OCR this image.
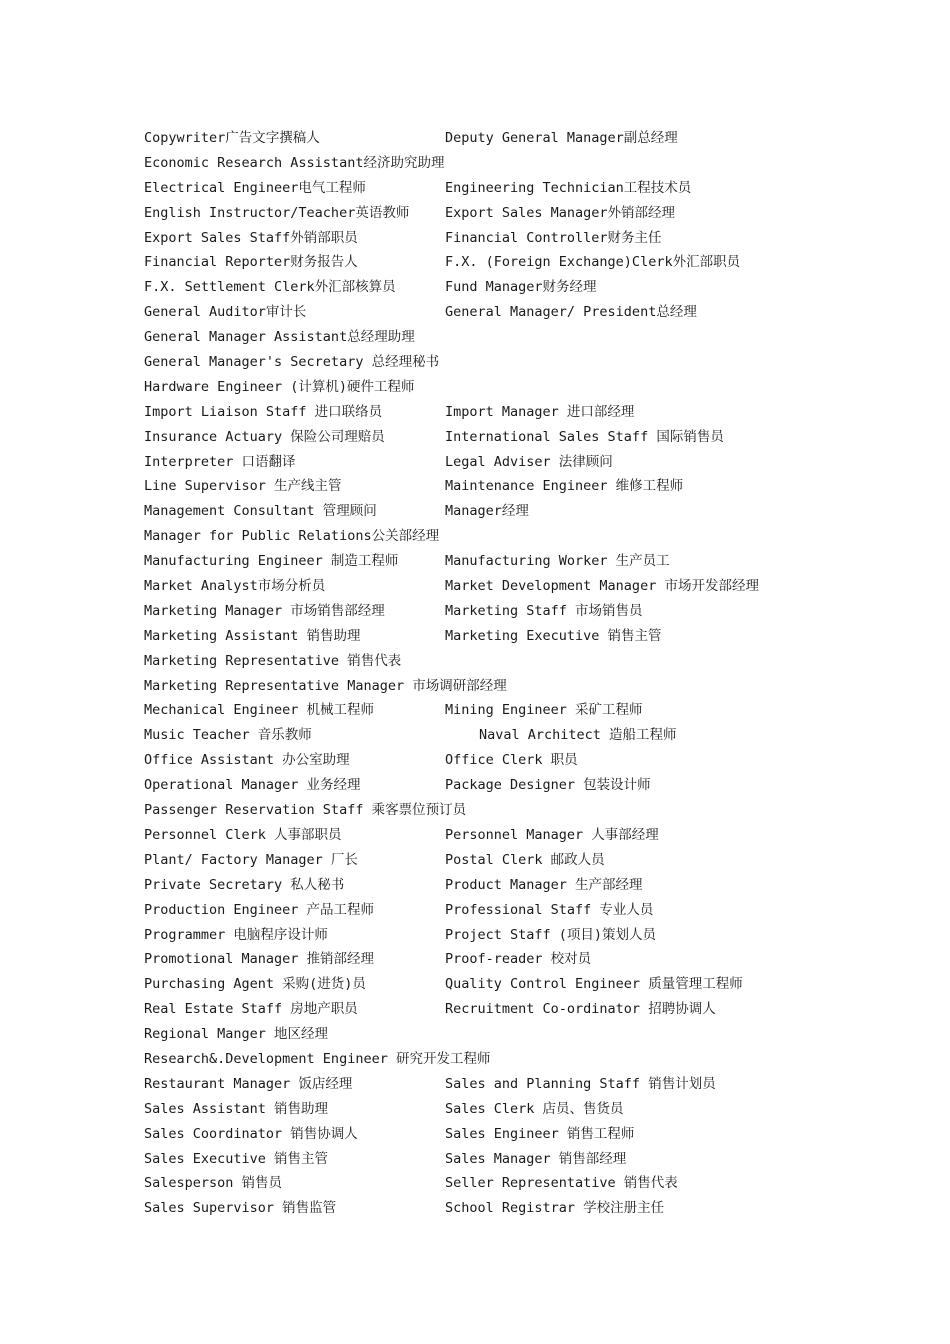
Copywriter广告文字撰稿人	Deputy General Manager副总经理
Economic Research Assistant经济助究助理
Electrical Engineer电气工程师	Engineering Technician工程技术员
English Instructor/Teacher英语教师	Export Sales Manager外销部经理
Export Sales Staff外销部职员	Financial Controller财务主任
Financial Reporter财务报告人	F.X. (Foreign Exchange)Clerk外汇部职员
F.X. Settlement Clerk外汇部核算员	Fund Manager财务经理
General Auditor审计长	General Manager/ President总经理
General Manager Assistant总经理助理
General Manager's Secretary 总经理秘书
Hardware Engineer (计算机)硬件工程师
Import Liaison Staff 进口联络员	Import Manager 进口部经理
Insurance Actuary 保险公司理赔员	International Sales Staff 国际销售员
Interpreter 口语翻译	Legal Adviser 法律顾问
Line Supervisor 生产线主管	Maintenance Engineer 维修工程师
Management Consultant 管理顾问	Manager经理
Manager for Public Relations公关部经理
Manufacturing Engineer 制造工程师	Manufacturing Worker 生产员工
Market Analyst市场分析员	Market Development Manager 市场开发部经理
Marketing Manager 市场销售部经理	Marketing Staff 市场销售员
Marketing Assistant 销售助理	Marketing Executive 销售主管
Marketing Representative 销售代表
Marketing Representative Manager 市场调研部经理
Mechanical Engineer 机械工程师	Mining Engineer 采矿工程师
Music Teacher 音乐教师	Naval Architect 造船工程师
Office Assistant 办公室助理	Office Clerk 职员
Operational Manager 业务经理	Package Designer 包装设计师
Passenger Reservation Staff 乘客票位预订员
Personnel Clerk 人事部职员	Personnel Manager 人事部经理
Plant/ Factory Manager 厂长	Postal Clerk 邮政人员
Private Secretary 私人秘书	Product Manager 生产部经理
Production Engineer 产品工程师	Professional Staff 专业人员
Programmer 电脑程序设计师	Project Staff (项目)策划人员
Promotional Manager 推销部经理	Proof-reader 校对员
Purchasing Agent 采购(进货)员	Quality Control Engineer 质量管理工程师
Real Estate Staff 房地产职员	Recruitment Co-ordinator 招聘协调人
Regional Manger 地区经理
Research&.Development Engineer 研究开发工程师
Restaurant Manager 饭店经理	Sales and Planning Staff 销售计划员
Sales Assistant 销售助理	Sales Clerk 店员、售货员
Sales Coordinator 销售协调人	Sales Engineer 销售工程师
Sales Executive 销售主管	Sales Manager 销售部经理
Salesperson 销售员	Seller Representative 销售代表
Sales Supervisor 销售监管	School Registrar 学校注册主任
